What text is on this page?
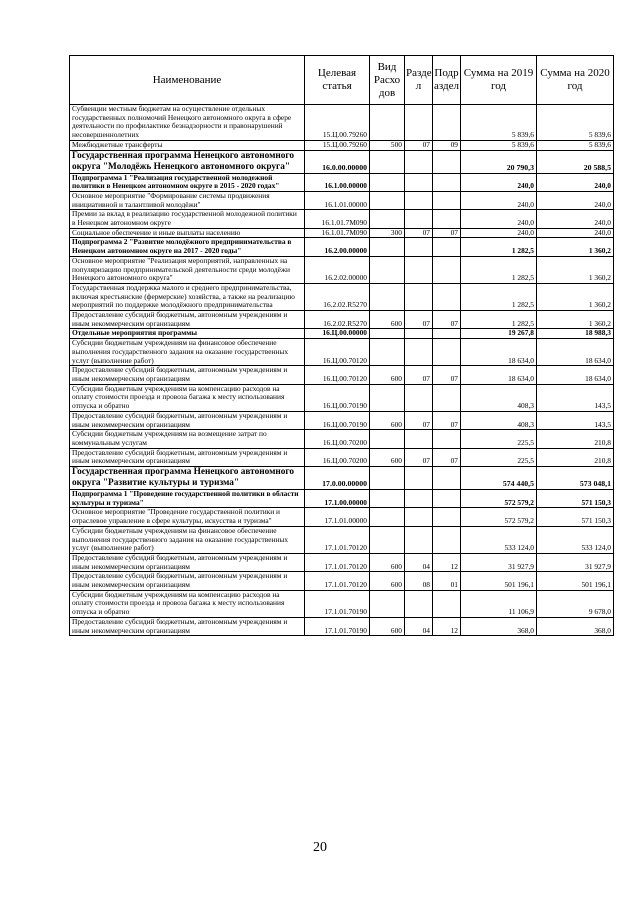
Наименование	Целевая статья	Вид Расхо дов	Разде л	Подр аздел	Сумма на 2019 год	Сумма на 2020 год
Субвенции местным бюджетам на осуществление отдельных государственных полномочий Ненецкого автономного округа в сфере деятельности по профилактике безнадзорности и правонарушений несовершеннолетних	15.Ц.00.79260				5 839,6	5 839,6
Межбюджетные трансферты	15.Ц.00.79260	500	07	09	5 839,6	5 839,6
Государственная программа Ненецкого автономного округа "Молодёжь Ненецкого автономного округа"	16.0.00.00000				20 790,3	20 588,5
Подпрограмма 1 "Реализация государственной молодежной политики в Ненецком автономном округе в 2015 - 2020 годах"	16.1.00.00000				240,0	240,0
Основное мероприятие "Формирование системы продвижения инициативной и талантливой молодёжи"	16.1.01.00000				240,0	240,0
Премии за вклад в реализацию государственной молодежной политики в Ненецком автономном округе	16.1.01.7М090				240,0	240,0
Социальное обеспечение и иные выплаты населению	16.1.01.7М090	300	07	07	240,0	240,0
Подпрограмма 2 "Развитие молодёжного предпринимательства в Ненецком автономном округе на 2017 - 2020 годы"	16.2.00.00000				1 282,5	1 360,2
Основное мероприятие "Реализация мероприятий, направленных на популяризацию предпринимательской деятельности среди молодёжи Ненецкого автономного округа"	16.2.02.00000				1 282,5	1 360,2
Государственная поддержка малого и среднего предпринимательства, включая крестьянские (фермерские) хозяйства, а также на реализацию мероприятий по поддержке молодёжного предпринимательства	16.2.02.R5270				1 282,5	1 360,2
Предоставление субсидий бюджетным, автономным учреждениям и иным некоммерческим организациям	16.2.02.R5270	600	07	07	1 282,5	1 360,2
Отдельные мероприятия программы	16.Ц.00.00000				19 267,8	18 988,3
Субсидии бюджетным учреждениям на финансовое обеспечение выполнения государственного задания на оказание государственных услуг (выполнение работ)	16.Ц.00.70120				18 634,0	18 634,0
Предоставление субсидий бюджетным, автономным учреждениям и иным некоммерческим организациям	16.Ц.00.70120	600	07	07	18 634,0	18 634,0
Субсидии бюджетным учреждениям на компенсацию расходов на оплату стоимости проезда и провоза багажа к месту использования отпуска и обратно	16.Ц.00.70190				408,3	143,5
Предоставление субсидий бюджетным, автономным учреждениям и иным некоммерческим организациям	16.Ц.00.70190	600	07	07	408,3	143,5
Субсидии бюджетным учреждениям на возмещение затрат по коммунальным услугам	16.Ц.00.70200				225,5	210,8
Предоставление субсидий бюджетным, автономным учреждениям и иным некоммерческим организациям	16.Ц.00.70200	600	07	07	225,5	210,8
Государственная программа Ненецкого автономного округа "Развитие культуры и туризма"	17.0.00.00000				574 440,5	573 048,1
Подпрограмма 1 "Проведение государственной политики в области культуры и туризма"	17.1.00.00000				572 579,2	571 150,3
Основное мероприятие "Проведение государственной политики и отраслевое управление в сфере культуры, искусства и туризма"	17.1.01.00000				572 579,2	571 150,3
Субсидии бюджетным учреждениям на финансовое обеспечение выполнения государственного задания на оказание государственных услуг (выполнение работ)	17.1.01.70120				533 124,0	533 124,0
Предоставление субсидий бюджетным, автономным учреждениям и иным некоммерческим организациям	17.1.01.70120	600	04	12	31 927,9	31 927,9
Предоставление субсидий бюджетным, автономным учреждениям и иным некоммерческим организациям	17.1.01.70120	600	08	01	501 196,1	501 196,1
Субсидии бюджетным учреждениям на компенсацию расходов на оплату стоимости проезда и провоза багажа к месту использования отпуска и обратно	17.1.01.70190				11 106,9	9 678,0
Предоставление субсидий бюджетным, автономным учреждениям и иным некоммерческим организациям	17.1.01.70190	600	04	12	368,0	368,0
20
